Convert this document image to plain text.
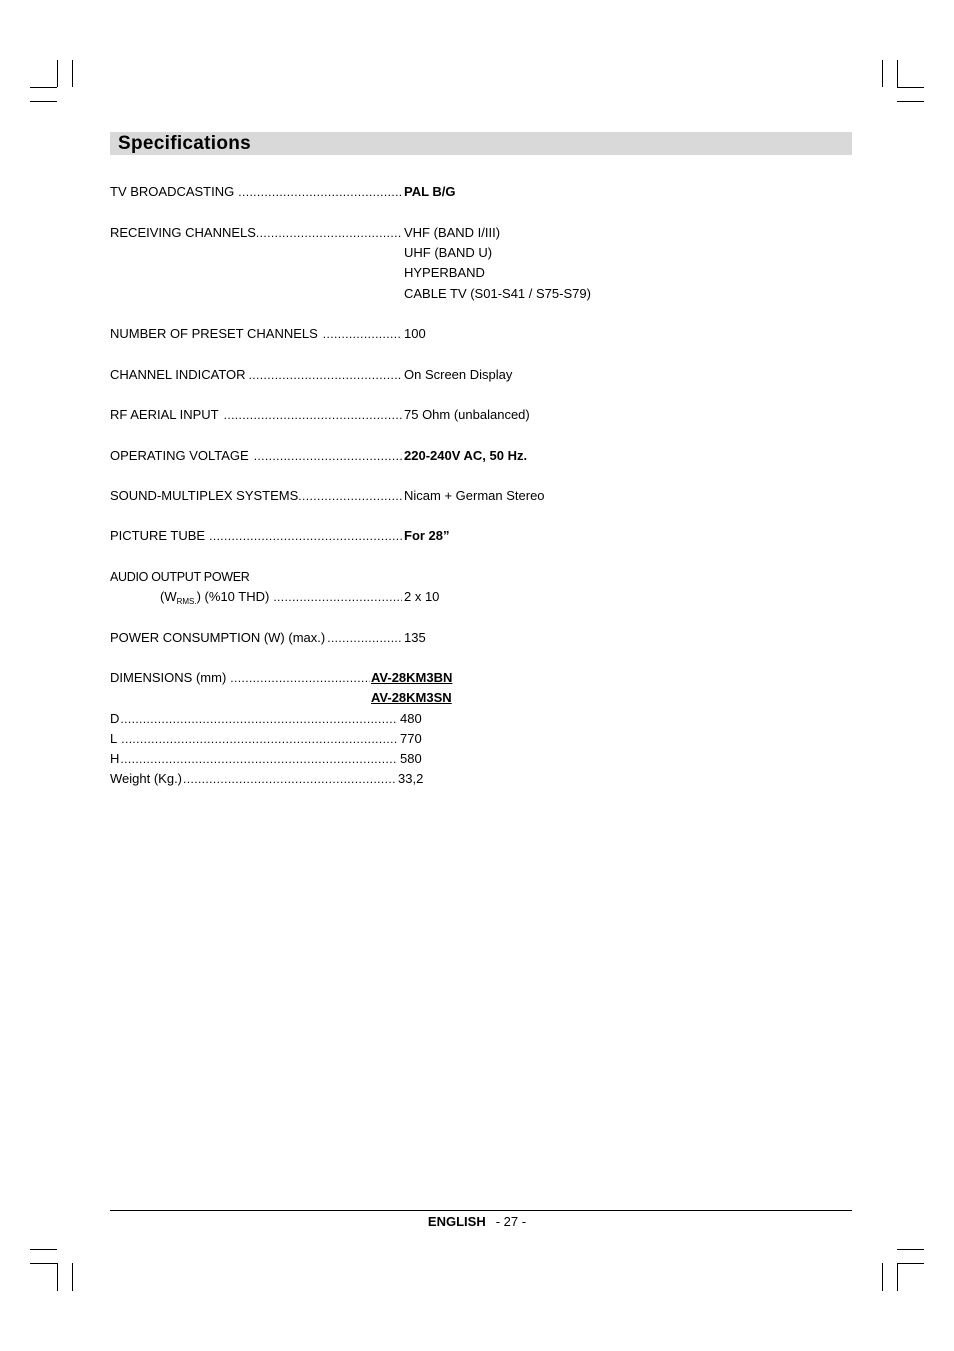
Specifications
TV BROADCASTING .....	PAL B/G
RECEIVING CHANNELS .....	VHF (BAND I/III)
UHF (BAND U)
HYPERBAND
CABLE TV (S01-S41 / S75-S79)
NUMBER OF PRESET CHANNELS .....	100
CHANNEL INDICATOR .....	On Screen Display
RF AERIAL INPUT .....	75 Ohm (unbalanced)
OPERATING VOLTAGE .....	220-240V AC, 50 Hz.
SOUND-MULTIPLEX SYSTEMS .....	Nicam + German Stereo
PICTURE TUBE .....	For 28”
AUDIO OUTPUT POWER
$(W_{RMS.})$ (%10 THD) .....	2 x 10
POWER CONSUMPTION (W) (max.) .....	135
DIMENSIONS (mm) .....	AV-28KM3BN
AV-28KM3SN
D .....	480
L .....	770
H .....	580
Weight (Kg.) .....	33,2
ENGLISH - 27 -
